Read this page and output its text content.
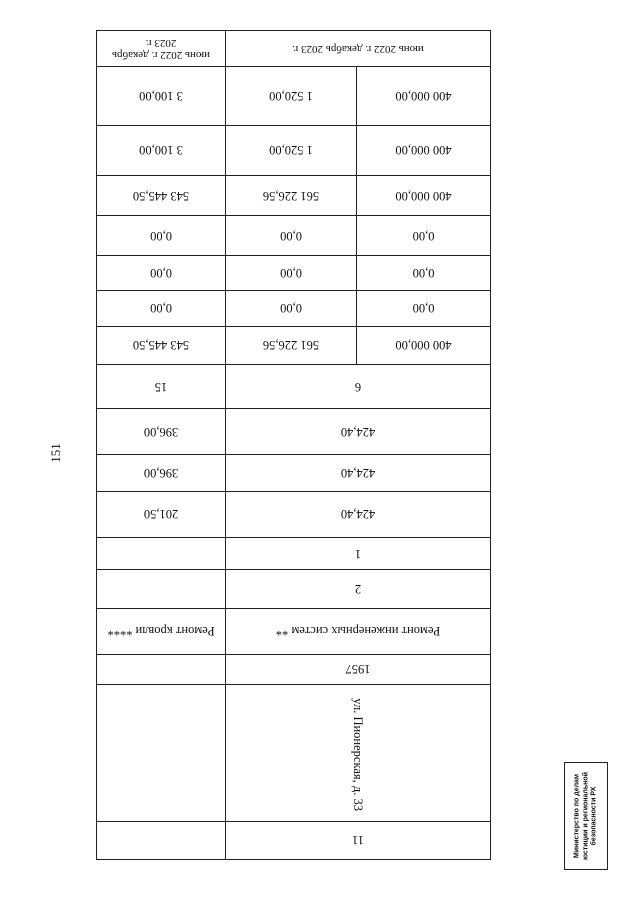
151
11		
ул. Пионерская, д. 33		
1957		
Ремонт инженерных систем **		Ремонт кровли ****
2		
1		
424,40		201,50
424,40		396,00
424,40		396,00
6		15
400 000,00	561 226,56	543 445,50
0,00	0,00	0,00
0,00	0,00	0,00
0,00	0,00	0,00
400 000,00	561 226,56	543 445,50
400 000,00	1 520,00	3 100,00
400 000,00	1 520,00	3 100,00
июнь 2022 г. декабрь 2023 г.		июнь 2022 г. декабрь 2023 г.
Министерство по делам юстиции и региональной безопасности РХ
